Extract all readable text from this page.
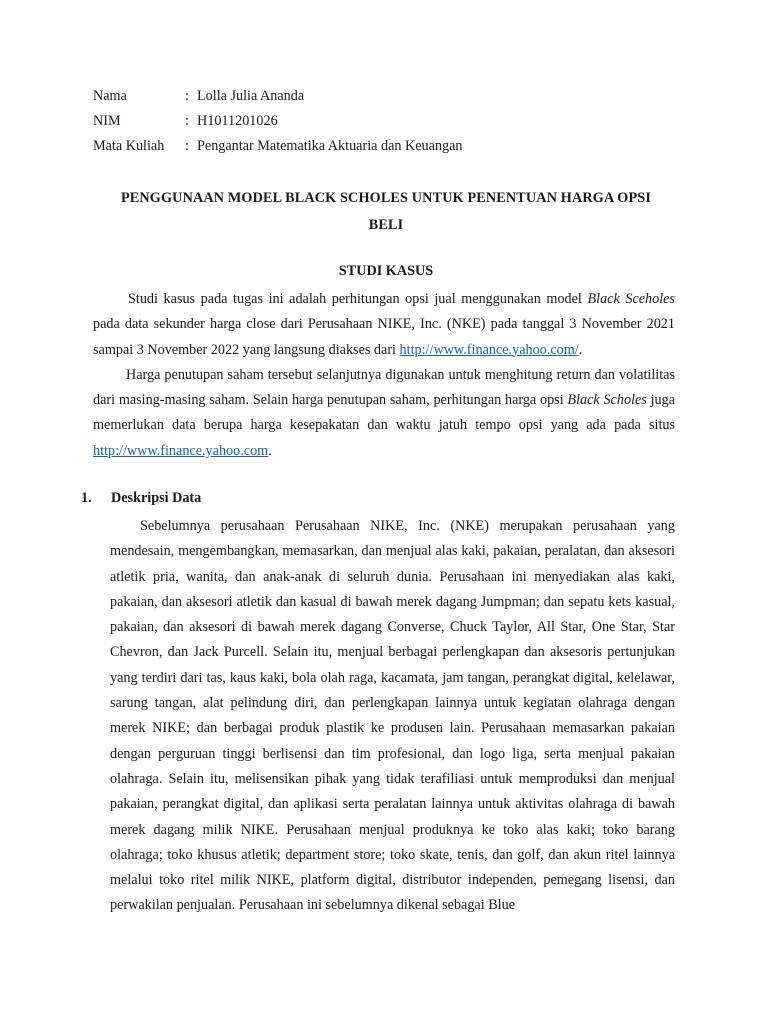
Nama	: Lolla Julia Ananda
NIM	: H1011201026
Mata Kuliah	: Pengantar Matematika Aktuaria dan Keuangan
PENGGUNAAN MODEL BLACK SCHOLES UNTUK PENENTUAN HARGA OPSI
BELI
STUDI KASUS

Studi kasus pada tugas ini adalah perhitungan opsi jual menggunakan model Black Sceholes pada data sekunder harga close dari Perusahaan NIKE, Inc. (NKE) pada tanggal 3 November 2021 sampai 3 November 2022 yang langsung diakses dari http://www.finance.yahoo.com/.

Harga penutupan saham tersebut selanjutnya digunakan untuk menghitung return dan volatilitas dari masing-masing saham. Selain harga penutupan saham, perhitungan harga opsi Black Scholes juga memerlukan data berupa harga kesepakatan dan waktu jatuh tempo opsi yang ada pada situs http://www.finance.yahoo.com.

1. Deskripsi Data

Sebelumnya perusahaan Perusahaan NIKE, Inc. (NKE) merupakan perusahaan yang mendesain, mengembangkan, memasarkan, dan menjual alas kaki, pakaian, peralatan, dan aksesori atletik pria, wanita, dan anak-anak di seluruh dunia. Perusahaan ini menyediakan alas kaki, pakaian, dan aksesori atletik dan kasual di bawah merek dagang Jumpman; dan sepatu kets kasual, pakaian, dan aksesori di bawah merek dagang Converse, Chuck Taylor, All Star, One Star, Star Chevron, dan Jack Purcell. Selain itu, menjual berbagai perlengkapan dan aksesoris pertunjukan yang terdiri dari tas, kaus kaki, bola olah raga, kacamata, jam tangan, perangkat digital, kelelawar, sarung tangan, alat pelindung diri, dan perlengkapan lainnya untuk kegiatan olahraga dengan merek NIKE; dan berbagai produk plastik ke produsen lain. Perusahaan memasarkan pakaian dengan perguruan tinggi berlisensi dan tim profesional, dan logo liga, serta menjual pakaian olahraga. Selain itu, melisensikan pihak yang tidak terafiliasi untuk memproduksi dan menjual pakaian, perangkat digital, dan aplikasi serta peralatan lainnya untuk aktivitas olahraga di bawah merek dagang milik NIKE. Perusahaan menjual produknya ke toko alas kaki; toko barang olahraga; toko khusus atletik; department store; toko skate, tenis, dan golf, dan akun ritel lainnya melalui toko ritel milik NIKE, platform digital, distributor independen, pemegang lisensi, dan perwakilan penjualan. Perusahaan ini sebelumnya dikenal sebagai Blue
